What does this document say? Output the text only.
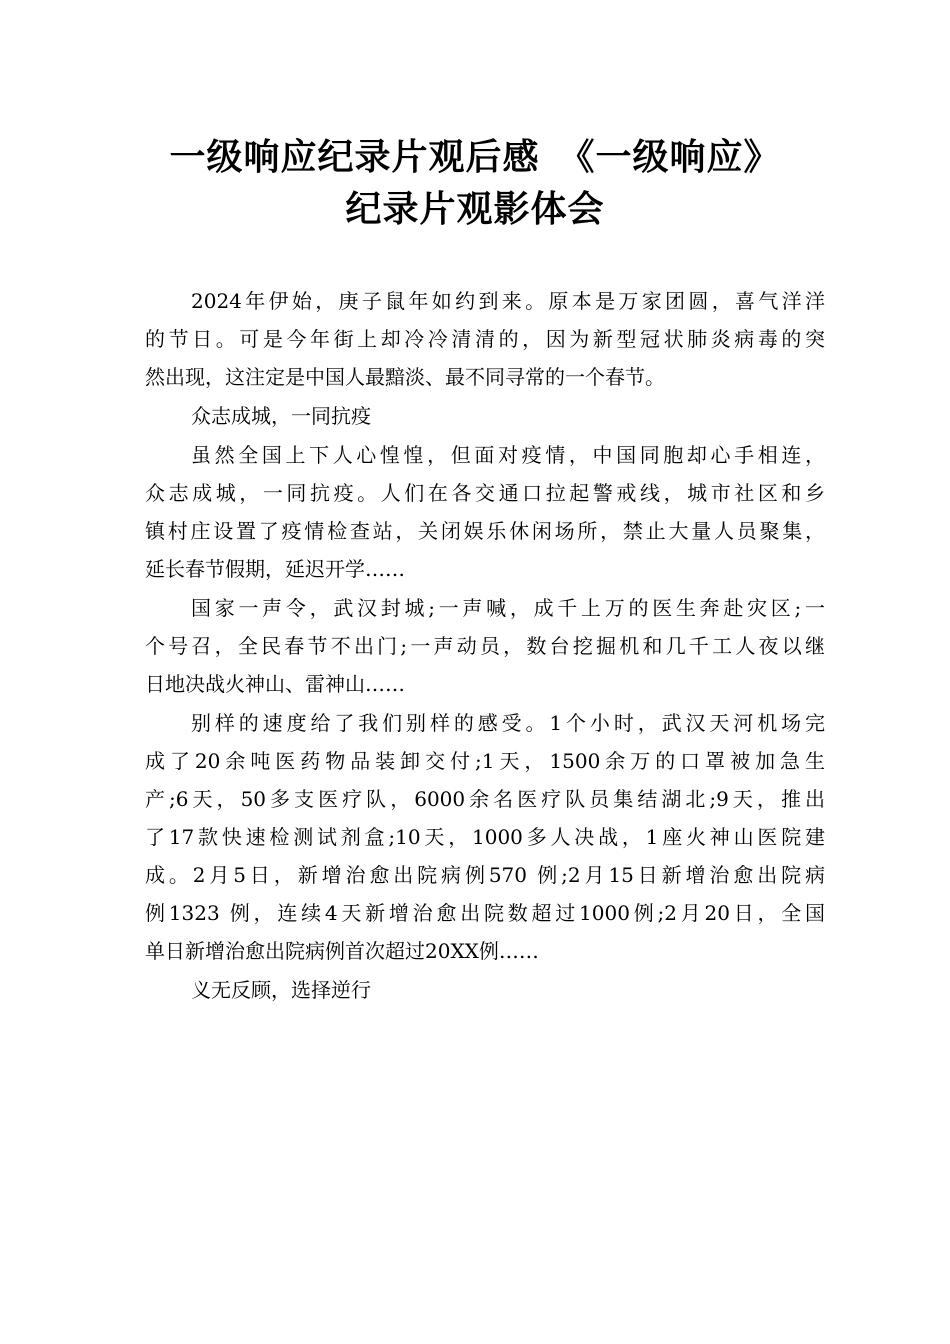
一级响应纪录片观后感　《一级响应》
纪录片观影体会
2024年伊始，庚子鼠年如约到来。原本是万家团圆，喜气洋洋
的节日。可是今年街上却冷冷清清的，因为新型冠状肺炎病毒的突
然出现，这注定是中国人最黯淡、最不同寻常的一个春节。
众志成城，一同抗疫
虽然全国上下人心惶惶，但面对疫情，中国同胞却心手相连，
众志成城，一同抗疫。人们在各交通口拉起警戒线，城市社区和乡
镇村庄设置了疫情检查站，关闭娱乐休闲场所，禁止大量人员聚集，
延长春节假期，延迟开学……
国家一声令，武汉封城;一声喊，成千上万的医生奔赴灾区;一
个号召，全民春节不出门;一声动员，数台挖掘机和几千工人夜以继
日地决战火神山、雷神山……
别样的速度给了我们别样的感受。1个小时，武汉天河机场完
成了20余吨医药物品装卸交付;1天，1500余万的口罩被加急生
产;6天，50多支医疗队，6000余名医疗队员集结湖北;9天，推出
了17款快速检测试剂盒;10天，1000多人决战，1座火神山医院建
成。2月5日，新增治愈出院病例570 例;2月15日新增治愈出院病
例1323 例，连续4天新增治愈出院数超过1000例;2月20日，全国
单日新增治愈出院病例首次超过20XX例……
义无反顾，选择逆行
